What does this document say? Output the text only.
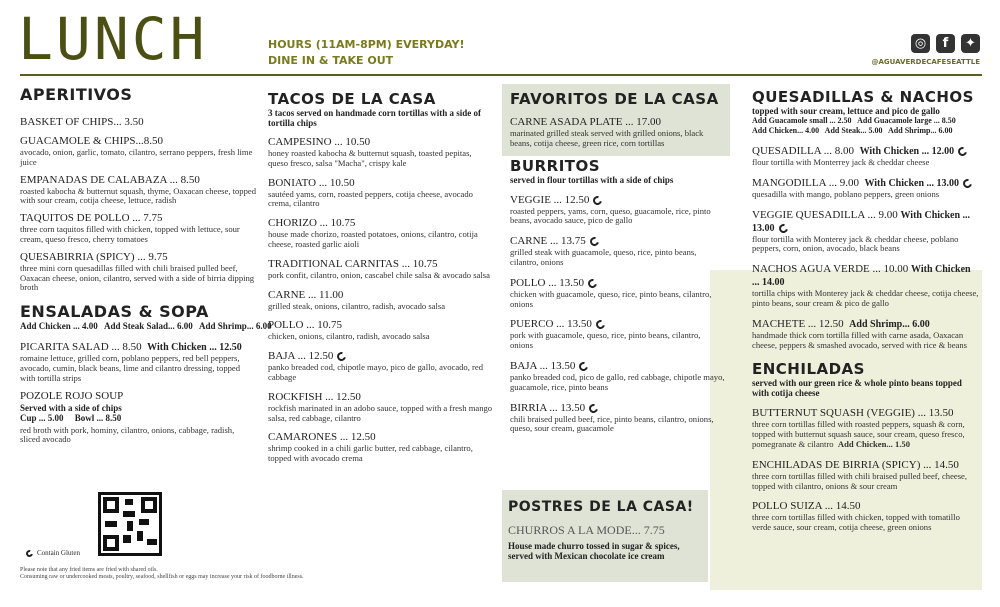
LUNCH	HOURS (11AM-8PM) EVERYDAY!
DINE IN & TAKE OUT
◎	f	✦
@AGUAVERDECAFESEATTLE
APERITIVOS
BASKET OF CHIPS... 3.50
GUACAMOLE & CHIPS...8.50
avocado, onion, garlic, tomato, cilantro, serrano peppers, fresh lime juice
EMPANADAS DE CALABAZA ... 8.50
roasted kabocha & butternut squash, thyme, Oaxacan cheese, topped with sour cream, cotija cheese, lettuce, radish
TAQUITOS DE POLLO ... 7.75
three corn taquitos filled with chicken, topped with lettuce, sour cream, queso fresco, cherry tomatoes
QUESABIRRIA (SPICY) ... 9.75
three mini corn quesadillas filled with chili braised pulled beef, Oaxacan cheese, onion, cilantro, served with a side of birria dipping broth
ENSALADAS & SOPA
Add Chicken ... 4.00   Add Steak Salad... 6.00   Add Shrimp... 6.00
PICARITA SALAD ... 8.50 With Chicken ... 12.50
romaine lettuce, grilled corn, poblano peppers, red bell peppers, avocado, cumin, black beans, lime and cilantro dressing, topped with tortilla strips
POZOLE ROJO SOUP
Served with a side of chips
Cup ... 5.00     Bowl ... 8.50
red broth with pork, hominy, cilantro, onions, cabbage, radish, sliced avocado
Contain Gluten
Please note that any fried items are fried with shared oils.
Consuming raw or undercooked meats, poultry, seafood, shellfish or eggs may increase your risk of foodborne illness.
TACOS DE LA CASA
3 tacos served on handmade corn tortillas with a side of tortilla chips
CAMPESINO ... 10.50
honey roasted kabocha & butternut squash, toasted pepitas, queso fresco, salsa "Macha", crispy kale
BONIATO ... 10.50
sautéed yams, corn, roasted peppers, cotija cheese, avocado crema, cilantro
CHORIZO ... 10.75
house made chorizo, roasted potatoes, onions, cilantro, cotija cheese, roasted garlic aioli
TRADITIONAL CARNITAS ... 10.75
pork confit, cilantro, onion, cascabel chile salsa & avocado salsa
CARNE ... 11.00
grilled steak, onions, cilantro, radish, avocado salsa
POLLO ... 10.75
chicken, onions, cilantro, radish, avocado salsa
BAJA ... 12.50
panko breaded cod, chipotle mayo, pico de gallo, avocado, red cabbage
ROCKFISH ... 12.50
rockfish marinated in an adobo sauce, topped with a fresh mango salsa, red cabbage, cilantro
CAMARONES ... 12.50
shrimp cooked in a chili garlic butter, red cabbage, cilantro, topped with avocado crema
FAVORITOS DE LA CASA
CARNE ASADA PLATE ... 17.00
marinated grilled steak served with grilled onions, black beans, cotija cheese, green rice, corn tortillas
BURRITOS
served in flour tortillas with a side of chips
VEGGIE ... 12.50
roasted peppers, yams, corn, queso, guacamole, rice, pinto beans, avocado sauce, pico de gallo
CARNE ... 13.75
grilled steak with guacamole, queso, rice, pinto beans, cilantro, onions
POLLO ... 13.50
chicken with guacamole, queso, rice, pinto beans, cilantro, onions
PUERCO ... 13.50
pork with guacamole, queso, rice, pinto beans, cilantro, onions
BAJA ... 13.50
panko breaded cod, pico de gallo, red cabbage, chipotle mayo, guacamole, rice, pinto beans
BIRRIA ... 13.50
chili braised pulled beef, rice, pinto beans, cilantro, onions, queso, sour cream, guacamole
POSTRES DE LA CASA!
CHURROS A LA MODE... 7.75
House made churro tossed in sugar & spices, served with Mexican chocolate ice cream
QUESADILLAS & NACHOS
topped with sour cream, lettuce and pico de gallo
Add Guacamole small ... 2.50   Add Guacamole large ... 8.50
Add Chicken... 4.00   Add Steak... 5.00   Add Shrimp... 6.00
QUESADILLA ... 8.00 With Chicken ... 12.00
flour tortilla with Monterrey jack & cheddar cheese
MANGODILLA ... 9.00 With Chicken ... 13.00
quesadilla with mango, poblano peppers, green onions
VEGGIE QUESADILLA ... 9.00 With Chicken ... 13.00
flour tortilla with Monterey jack & cheddar cheese, poblano peppers, corn, onion, avocado, black beans
NACHOS AGUA VERDE ... 10.00 With Chicken ... 14.00
tortilla chips with Monterey jack & cheddar cheese, cotija cheese, pinto beans, sour cream & pico de gallo
MACHETE ... 12.50 Add Shrimp... 6.00
handmade thick corn tortilla filled with carne asada, Oaxacan cheese, peppers & smashed avocado, served with rice & beans
ENCHILADAS
served with our green rice & whole pinto beans topped with cotija cheese
BUTTERNUT SQUASH (VEGGIE) ... 13.50
three corn tortillas filled with roasted peppers, squash & corn, topped with butternut squash sauce, sour cream, queso fresco, pomegranate & cilantro Add Chicken... 1.50
ENCHILADAS DE BIRRIA (SPICY) ... 14.50
three corn tortillas filled with chili braised pulled beef, cheese, topped with cilantro, onions & sour cream
POLLO SUIZA ... 14.50
three corn tortillas filled with chicken, topped with tomatillo verde sauce, sour cream, cotija cheese, green onions
